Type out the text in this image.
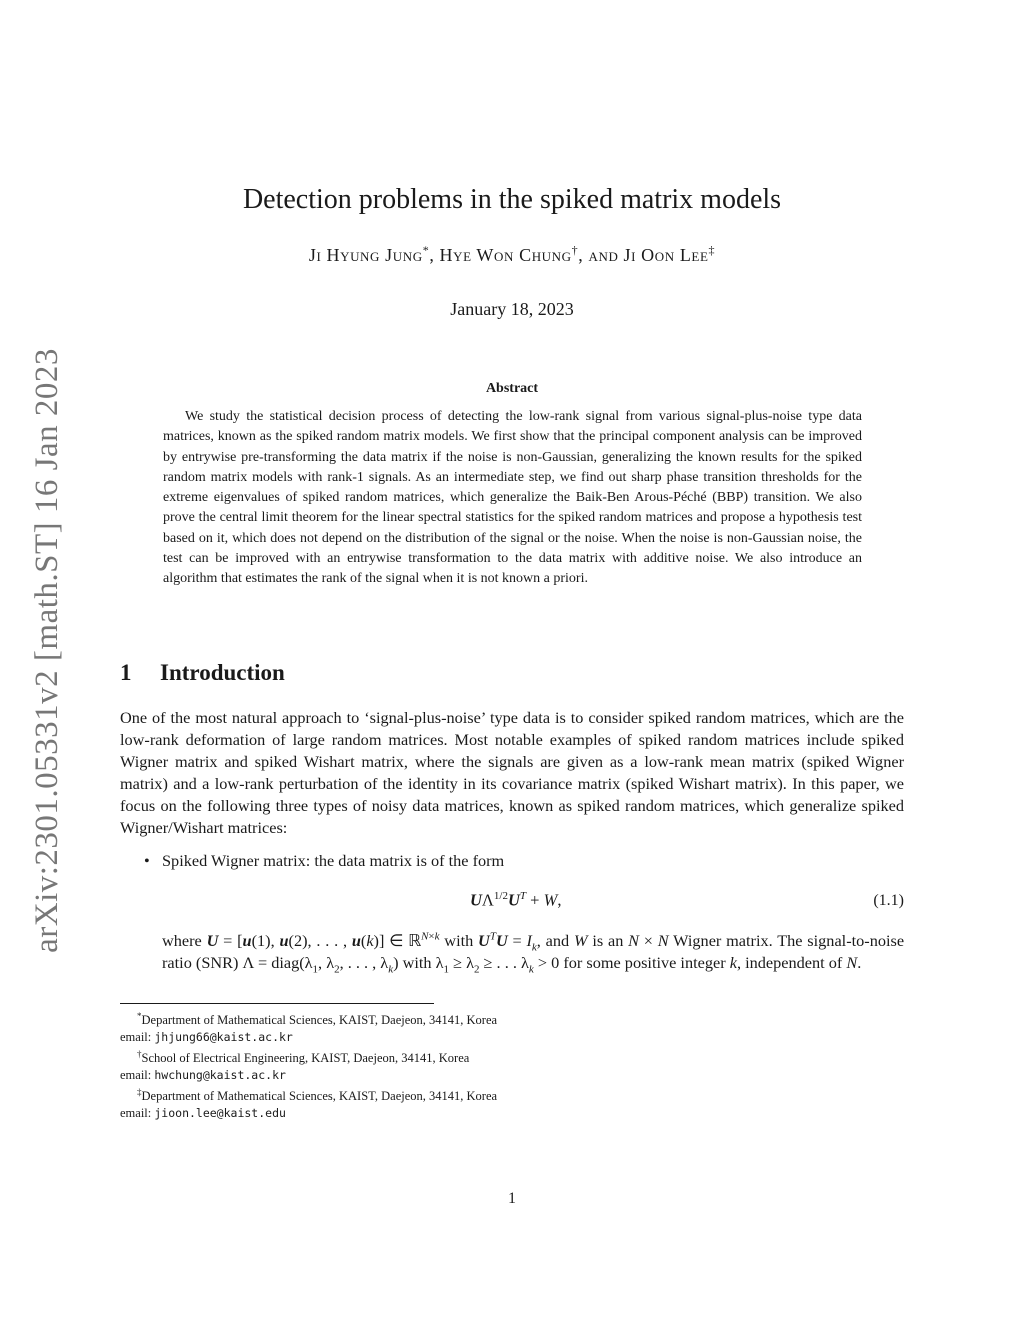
arXiv:2301.05331v2 [math.ST] 16 Jan 2023
Detection problems in the spiked matrix models
Ji Hyung Jung*, Hye Won Chung†, and Ji Oon Lee‡
January 18, 2023
Abstract

We study the statistical decision process of detecting the low-rank signal from various signal-plus-noise type data matrices, known as the spiked random matrix models. We first show that the principal component analysis can be improved by entrywise pre-transforming the data matrix if the noise is non-Gaussian, generalizing the known results for the spiked random matrix models with rank-1 signals. As an intermediate step, we find out sharp phase transition thresholds for the extreme eigenvalues of spiked random matrices, which generalize the Baik-Ben Arous-Péché (BBP) transition. We also prove the central limit theorem for the linear spectral statistics for the spiked random matrices and propose a hypothesis test based on it, which does not depend on the distribution of the signal or the noise. When the noise is non-Gaussian noise, the test can be improved with an entrywise transformation to the data matrix with additive noise. We also introduce an algorithm that estimates the rank of the signal when it is not known a priori.

1 Introduction

One of the most natural approach to ‘signal-plus-noise’ type data is to consider spiked random matrices, which are the low-rank deformation of large random matrices. Most notable examples of spiked random matrices include spiked Wigner matrix and spiked Wishart matrix, where the signals are given as a low-rank mean matrix (spiked Wigner matrix) and a low-rank perturbation of the identity in its covariance matrix (spiked Wishart matrix). In this paper, we focus on the following three types of noisy data matrices, known as spiked random matrices, which generalize spiked Wigner/Wishart matrices:

• Spiked Wigner matrix: the data matrix is of the form
$U\Lambda^{1/2}U^T + W$,	(1.1)

where U = [u(1), u(2), . . . , u(k)] ∈ ℝ$^{N\times k}$ with $U^TU = I_k$, and W is an N × N Wigner matrix. The signal-to-noise ratio (SNR) $\Lambda = diag(\lambda_1$, $\lambda_2$, . . . , $\lambda_k$) with $\lambda_1 \ge \lambda_2$ ≥ . . . $\lambda_k > 0$ for some positive integer k, independent of N.

*Department of Mathematical Sciences, KAIST, Daejeon, 34141, Korea
email: jhjung66@kaist.ac.kr
†School of Electrical Engineering, KAIST, Daejeon, 34141, Korea
email: hwchung@kaist.ac.kr
‡Department of Mathematical Sciences, KAIST, Daejeon, 34141, Korea
email: jioon.lee@kaist.edu
1
